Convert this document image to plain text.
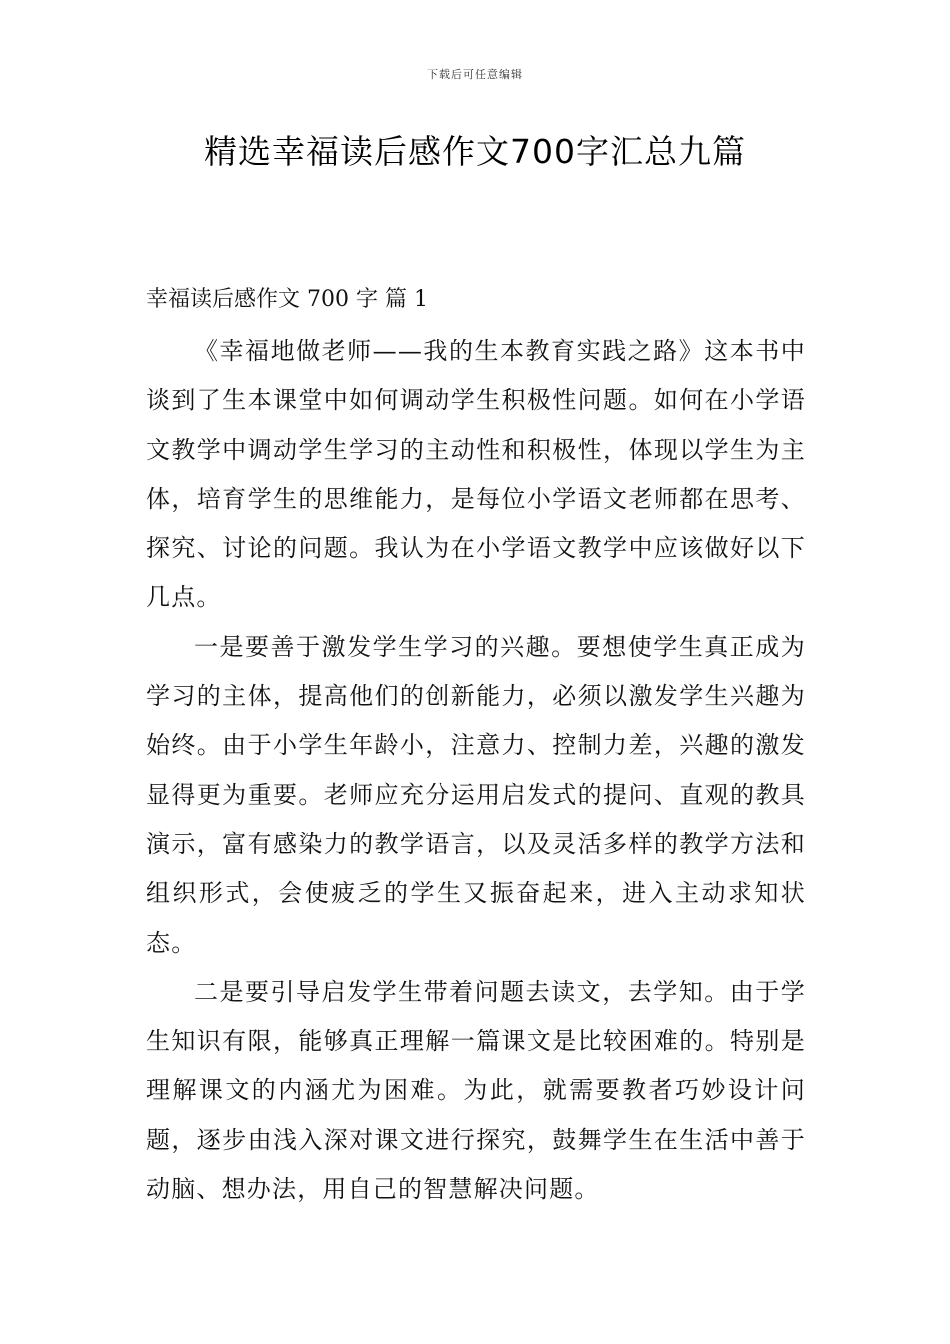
下载后可任意编辑
精选幸福读后感作文700字汇总九篇
幸福读后感作文 700 字 篇 1

《幸福地做老师——我的生本教育实践之路》这本书中谈到了生本课堂中如何调动学生积极性问题。如何在小学语文教学中调动学生学习的主动性和积极性，体现以学生为主体，培育学生的思维能力，是每位小学语文老师都在思考、探究、讨论的问题。我认为在小学语文教学中应该做好以下几点。

一是要善于激发学生学习的兴趣。要想使学生真正成为学习的主体，提高他们的创新能力，必须以激发学生兴趣为始终。由于小学生年龄小，注意力、控制力差，兴趣的激发显得更为重要。老师应充分运用启发式的提问、直观的教具演示，富有感染力的教学语言，以及灵活多样的教学方法和组织形式，会使疲乏的学生又振奋起来，进入主动求知状态。

二是要引导启发学生带着问题去读文，去学知。由于学生知识有限，能够真正理解一篇课文是比较困难的。特别是理解课文的内涵尤为困难。为此，就需要教者巧妙设计问题，逐步由浅入深对课文进行探究，鼓舞学生在生活中善于动脑、想办法，用自己的智慧解决问题。
